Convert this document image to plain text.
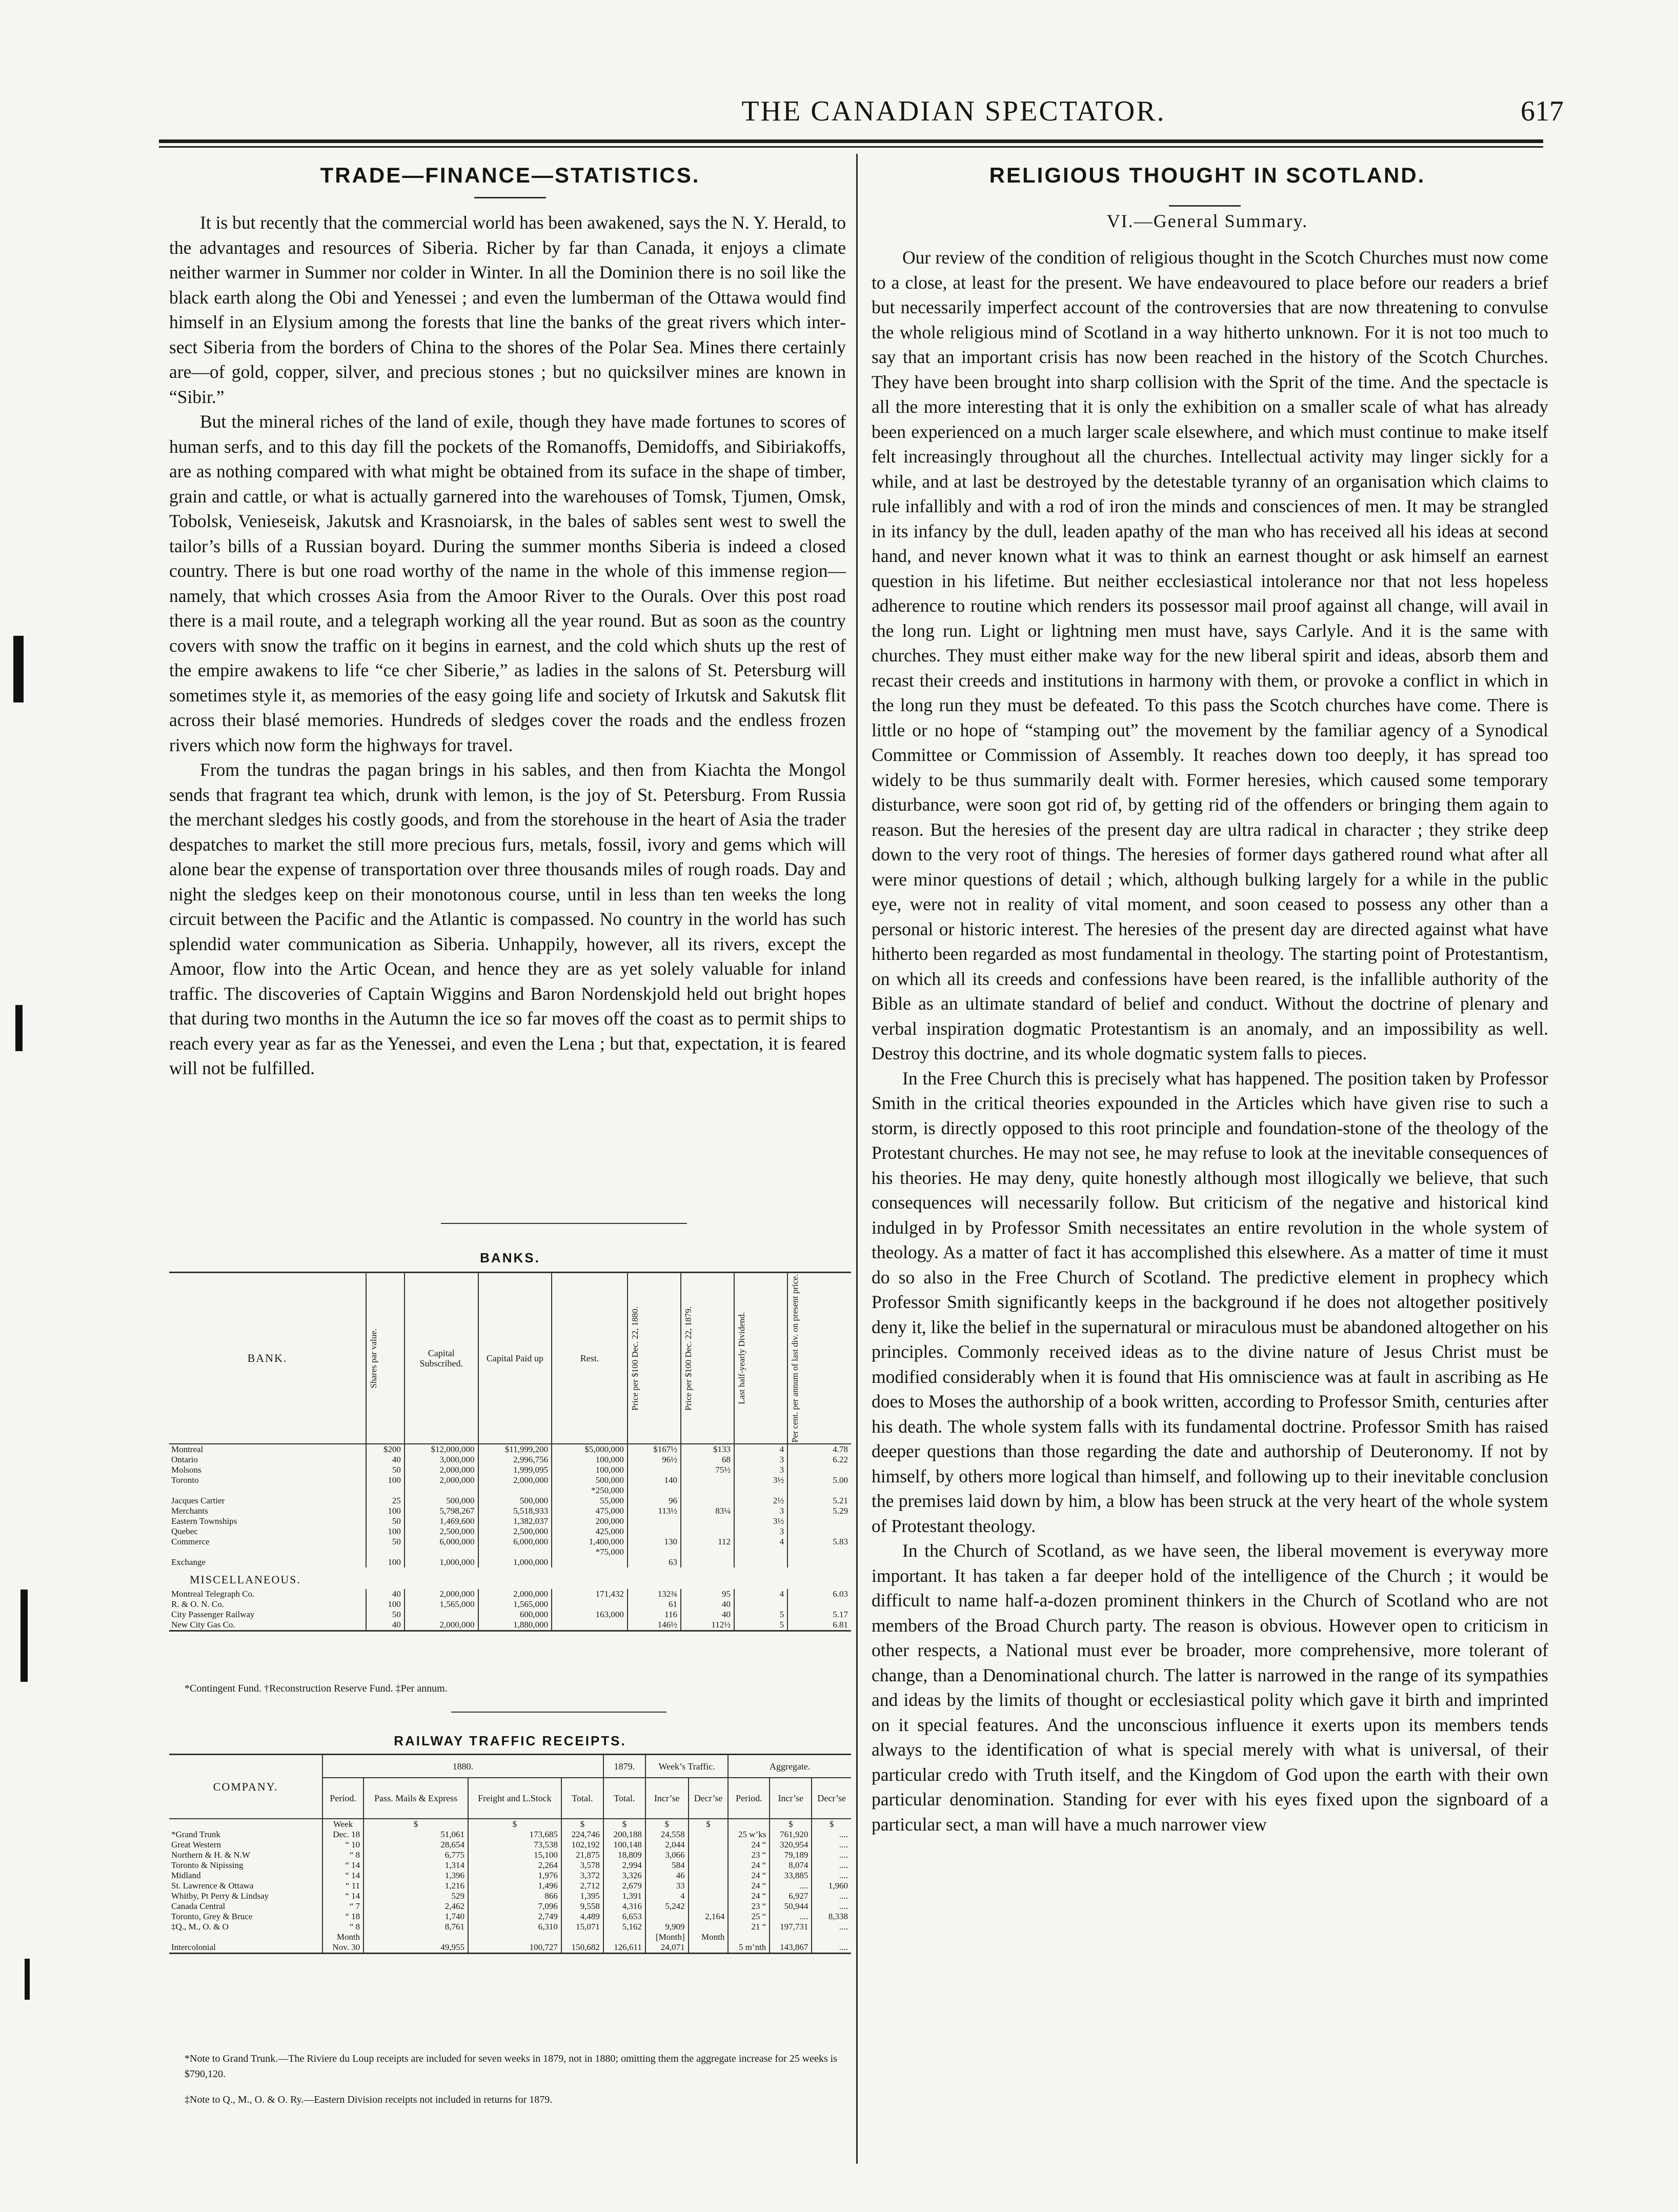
THE CANADIAN SPECTATOR.	617
TRADE—FINANCE—STATISTICS.

It is but recently that the commercial world has been awakened, says the N. Y. Herald, to the advantages and resources of Siberia. Richer by far than Canada, it enjoys a climate neither warmer in Summer nor colder in Winter. In all the Dominion there is no soil like the black earth along the Obi and Yenessei ; and even the lumberman of the Ottawa would find himself in an Elysium among the forests that line the banks of the great rivers which intersect Siberia from the borders of China to the shores of the Polar Sea. Mines there certainly are—of gold, copper, silver, and precious stones ; but no quicksilver mines are known in “Sibir.”

But the mineral riches of the land of exile, though they have made fortunes to scores of human serfs, and to this day fill the pockets of the Romanoffs, Demidoffs, and Sibiriakoffs, are as nothing compared with what might be obtained from its suface in the shape of timber, grain and cattle, or what is actually garnered into the warehouses of Tomsk, Tjumen, Omsk, Tobolsk, Venieseisk, Jakutsk and Krasnoiarsk, in the bales of sables sent west to swell the tailor’s bills of a Russian boyard. During the summer months Siberia is indeed a closed country. There is but one road worthy of the name in the whole of this immense region—namely, that which crosses Asia from the Amoor River to the Ourals. Over this post road there is a mail route, and a telegraph working all the year round. But as soon as the country covers with snow the traffic on it begins in earnest, and the cold which shuts up the rest of the empire awakens to life “ce cher Siberie,” as ladies in the salons of St. Petersburg will sometimes style it, as memories of the easy going life and society of Irkutsk and Sakutsk flit across their blasé memories. Hundreds of sledges cover the roads and the endless frozen rivers which now form the highways for travel.

From the tundras the pagan brings in his sables, and then from Kiachta the Mongol sends that fragrant tea which, drunk with lemon, is the joy of St. Petersburg. From Russia the merchant sledges his costly goods, and from the storehouse in the heart of Asia the trader despatches to market the still more precious furs, metals, fossil, ivory and gems which will alone bear the expense of transportation over three thousands miles of rough roads. Day and night the sledges keep on their monotonous course, until in less than ten weeks the long circuit between the Pacific and the Atlantic is compassed. No country in the world has such splendid water communication as Siberia. Unhappily, however, all its rivers, except the Amoor, flow into the Artic Ocean, and hence they are as yet solely valuable for inland traffic. The discoveries of Captain Wiggins and Baron Nordenskjold held out bright hopes that during two months in the Autumn the ice so far moves off the coast as to permit ships to reach every year as far as the Yenessei, and even the Lena ; but that, expectation, it is feared will not be fulfilled.

BANKS.
BANK.	Shares par value.	Capital Subscribed.	Capital Paid up	Rest.	Price per $100 Dec. 22, 1880.	Price per $100 Dec. 22, 1879.	Last half-yearly Dividend.	Per cent. per annum of last div. on present price.

Montreal	$200	$12,000,000	$11,999,200	$5,000,000	$167½	$133	4	4.78
Ontario	40	3,000,000	2,996,756	100,000	96½	68	3	6.22
Molsons	50	2,000,000	1,999,095	100,000		75½	3	
Toronto	100	2,000,000	2,000,000	500,000	140		3½	5.00
				*250,000				
Jacques Cartier	25	500,000	500,000	55,000	96		2½	5.21
Merchants	100	5,798,267	5,518,933	475,000	113½	83¼	3	5.29
Eastern Townships	50	1,469,600	1,382,037	200,000			3½	
Quebec	100	2,500,000	2,500,000	425,000			3	
Commerce	50	6,000,000	6,000,000	1,400,000	130	112	4	5.83
				*75,000				
Exchange	100	1,000,000	1,000,000		63			
MISCELLANEOUS.								
Montreal Telegraph Co.	40	2,000,000	2,000,000	171,432	132¾	95	4	6.03
R. & O. N. Co.	100	1,565,000	1,565,000		61	40		
City Passenger Railway	50		600,000	163,000	116	40	5	5.17
New City Gas Co.	40	2,000,000	1,880,000		146½	112½	5	6.81
*Contingent Fund. †Reconstruction Reserve Fund. ‡Per annum.
RAILWAY TRAFFIC RECEIPTS.
COMPANY.	1880.				1879.	Week’s Traffic.		Aggregate.		
	Period.	Pass. Mails & Express	Freight and L.Stock	Total.	Total.	Incr’se	Decr’se	Period.	Incr’se	Decr’se
	Week	$	$	$	$	$	$		$	$
*Grand Trunk	Dec. 18	51,061	173,685	224,746	200,188	24,558		25 w’ks	761,920	....
Great Western	“ 10	28,654	73,538	102,192	100,148	2,044		24 “	320,954	....
Northern & H. & N.W	“ 8	6,775	15,100	21,875	18,809	3,066		23 “	79,189	....
Toronto & Nipissing	“ 14	1,314	2,264	3,578	2,994	584		24 “	8,074	....
Midland	“ 14	1,396	1,976	3,372	3,326	46		24 “	33,885	....
St. Lawrence & Ottawa	“ 11	1,216	1,496	2,712	2,679	33		24 “	....	1,960
Whitby, Pt Perry & Lindsay	“ 14	529	866	1,395	1,391	4		24 “	6,927	....
Canada Central	“ 7	2,462	7,096	9,558	4,316	5,242		23 “	50,944	....
Toronto, Grey & Bruce	“ 18	1,740	2,749	4,489	6,653		2,164	25 “	....	8,338
‡Q., M., O. & O	“ 8	8,761	6,310	15,071	5,162	9,909		21 “	197,731	....
	Month					[Month]	Month			
Intercolonial	Nov. 30	49,955	100,727	150,682	126,611	24,071		5 m’nth	143,867	....
*Note to Grand Trunk.—The Riviere du Loup receipts are included for seven weeks in 1879, not in 1880; omitting them the aggregate increase for 25 weeks is $790,120.
‡Note to Q., M., O. & O. Ry.—Eastern Division receipts not included in returns for 1879.
RELIGIOUS THOUGHT IN SCOTLAND.
VI.—General Summary.

Our review of the condition of religious thought in the Scotch Churches must now come to a close, at least for the present. We have endeavoured to place before our readers a brief but necessarily imperfect account of the controversies that are now threatening to convulse the whole religious mind of Scotland in a way hitherto unknown. For it is not too much to say that an important crisis has now been reached in the history of the Scotch Churches. They have been brought into sharp collision with the Sprit of the time. And the spectacle is all the more interesting that it is only the exhibition on a smaller scale of what has already been experienced on a much larger scale elsewhere, and which must continue to make itself felt increasingly throughout all the churches. Intellectual activity may linger sickly for a while, and at last be destroyed by the detestable tyranny of an organisation which claims to rule infallibly and with a rod of iron the minds and consciences of men. It may be strangled in its infancy by the dull, leaden apathy of the man who has received all his ideas at second hand, and never known what it was to think an earnest thought or ask himself an earnest question in his lifetime. But neither ecclesiastical intolerance nor that not less hopeless adherence to routine which renders its possessor mail proof against all change, will avail in the long run. Light or lightning men must have, says Carlyle. And it is the same with churches. They must either make way for the new liberal spirit and ideas, absorb them and recast their creeds and institutions in harmony with them, or provoke a conflict in which in the long run they must be defeated. To this pass the Scotch churches have come. There is little or no hope of “stamping out” the movement by the familiar agency of a Synodical Committee or Commission of Assembly. It reaches down too deeply, it has spread too widely to be thus summarily dealt with. Former heresies, which caused some temporary disturbance, were soon got rid of, by getting rid of the offenders or bringing them again to reason. But the heresies of the present day are ultra radical in character ; they strike deep down to the very root of things. The heresies of former days gathered round what after all were minor questions of detail ; which, although bulking largely for a while in the public eye, were not in reality of vital moment, and soon ceased to possess any other than a personal or historic interest. The heresies of the present day are directed against what have hitherto been regarded as most fundamental in theology. The starting point of Protestantism, on which all its creeds and confessions have been reared, is the infallible authority of the Bible as an ultimate standard of belief and conduct. Without the doctrine of plenary and verbal inspiration dogmatic Protestantism is an anomaly, and an impossibility as well. Destroy this doctrine, and its whole dogmatic system falls to pieces.

In the Free Church this is precisely what has happened. The position taken by Professor Smith in the critical theories expounded in the Articles which have given rise to such a storm, is directly opposed to this root principle and foundation-stone of the theology of the Protestant churches. He may not see, he may refuse to look at the inevitable consequences of his theories. He may deny, quite honestly although most illogically we believe, that such consequences will necessarily follow. But criticism of the negative and historical kind indulged in by Professor Smith necessitates an entire revolution in the whole system of theology. As a matter of fact it has accomplished this elsewhere. As a matter of time it must do so also in the Free Church of Scotland. The predictive element in prophecy which Professor Smith significantly keeps in the background if he does not altogether positively deny it, like the belief in the supernatural or miraculous must be abandoned altogether on his principles. Commonly received ideas as to the divine nature of Jesus Christ must be modified considerably when it is found that His omniscience was at fault in ascribing as He does to Moses the authorship of a book written, according to Professor Smith, centuries after his death. The whole system falls with its fundamental doctrine. Professor Smith has raised deeper questions than those regarding the date and authorship of Deuteronomy. If not by himself, by others more logical than himself, and following up to their inevitable conclusion the premises laid down by him, a blow has been struck at the very heart of the whole system of Protestant theology.

In the Church of Scotland, as we have seen, the liberal movement is everyway more important. It has taken a far deeper hold of the intelligence of the Church ; it would be difficult to name half-a-dozen prominent thinkers in the Church of Scotland who are not members of the Broad Church party. The reason is obvious. However open to criticism in other respects, a National must ever be broader, more comprehensive, more tolerant of change, than a Denominational church. The latter is narrowed in the range of its sympathies and ideas by the limits of thought or ecclesiastical polity which gave it birth and imprinted on it special features. And the unconscious influence it exerts upon its members tends always to the identification of what is special merely with what is universal, of their particular credo with Truth itself, and the Kingdom of God upon the earth with their own particular denomination. Standing for ever with his eyes fixed upon the signboard of a particular sect, a man will have a much narrower view
